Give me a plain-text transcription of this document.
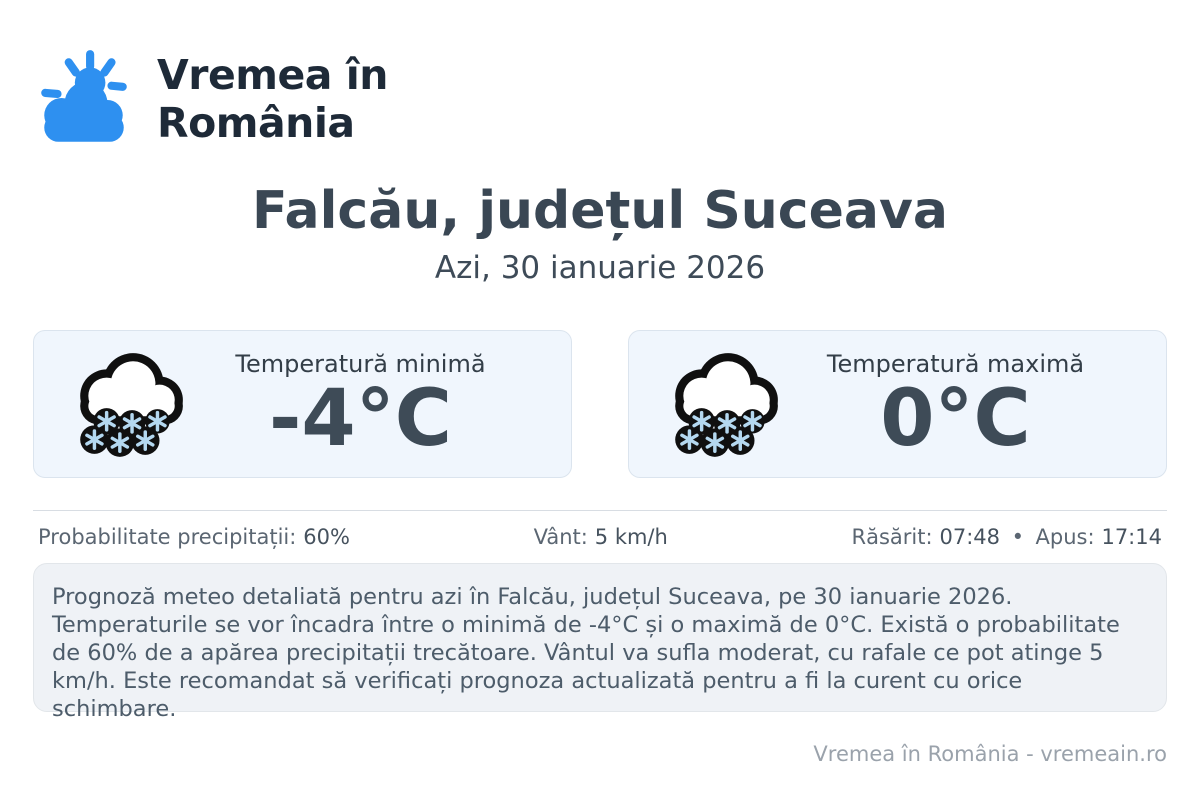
Vremea în România
Falcău, județul Suceava
Azi, 30 ianuarie 2026
Temperatură minimă
-4°C
Temperatură maximă
0°C
Probabilitate precipitații: 60%	Vânt: 5 km/h	Răsărit: 07:48 • Apus: 17:14
Prognoză meteo detaliată pentru azi în Falcău, județul Suceava, pe 30 ianuarie 2026. Temperaturile se vor încadra între o minimă de -4°C și o maximă de 0°C. Există o probabilitate de 60% de a apărea precipitații trecătoare. Vântul va sufla moderat, cu rafale ce pot atinge 5 km/h. Este recomandat să verificați prognoza actualizată pentru a fi la curent cu orice schimbare.
Vremea în România - vremeain.ro
